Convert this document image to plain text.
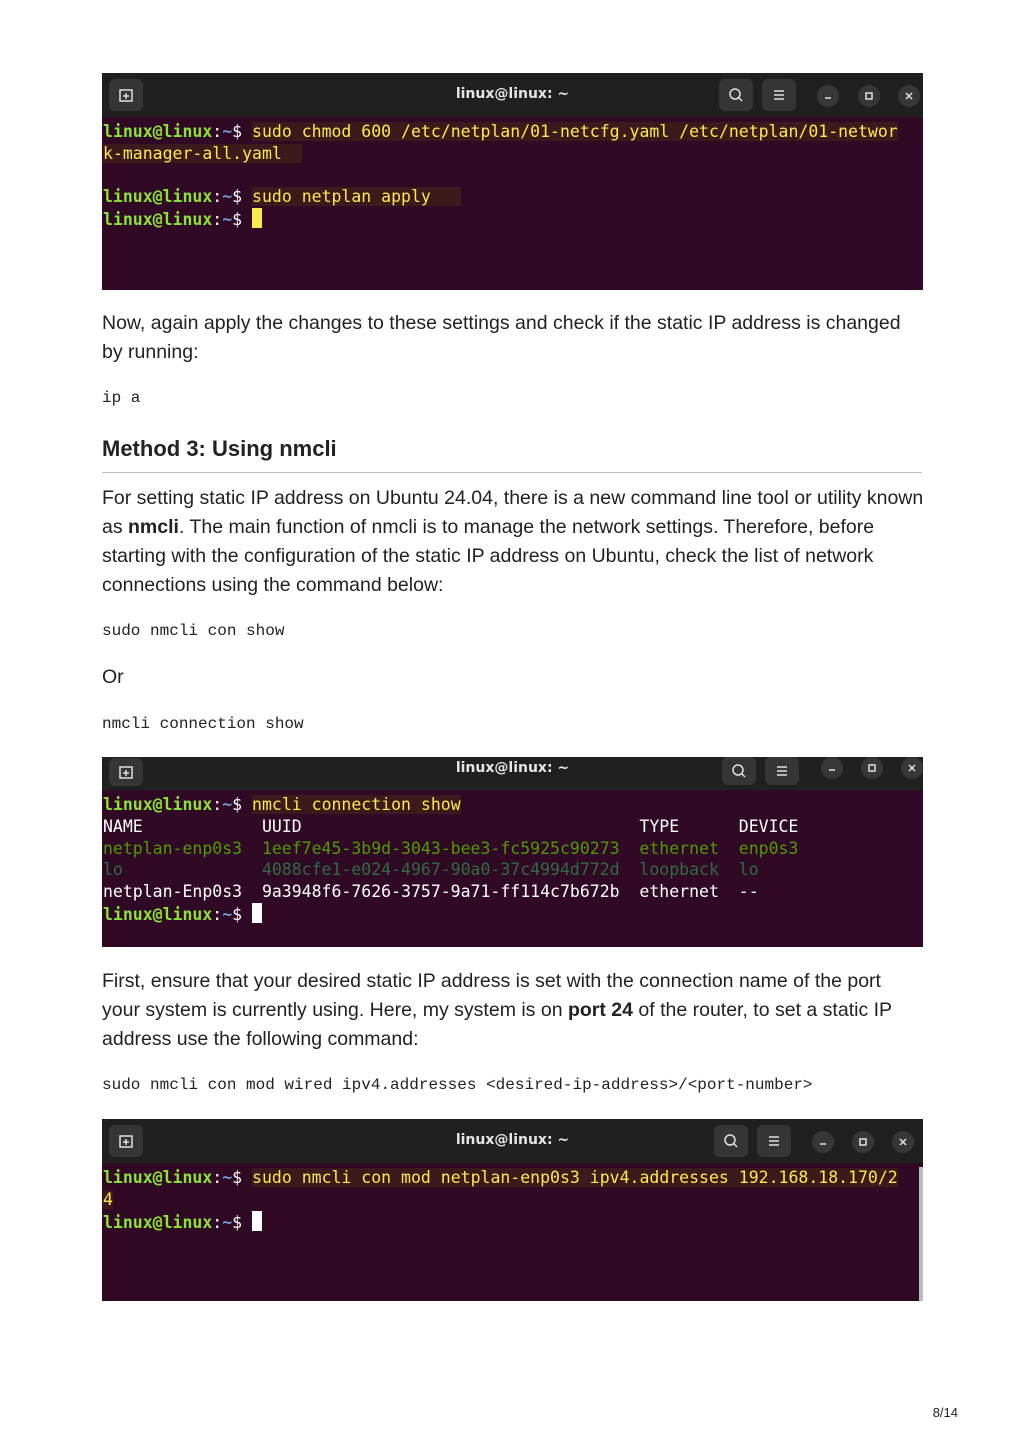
linux@linux: ~
linux@linux:~$ sudo chmod 600 /etc/netplan/01-netcfg.yaml /etc/netplan/01-networ
k-manager-all.yaml
linux@linux:~$ sudo netplan apply
linux@linux:~$

Now, again apply the changes to these settings and check if the static IP address is changed by running:

ip a
Method 3: Using nmcli

For setting static IP address on Ubuntu 24.04, there is a new command line tool or utility known as nmcli. The main function of nmcli is to manage the network settings. Therefore, before starting with the configuration of the static IP address on Ubuntu, check the list of network connections using the command below:

sudo nmcli con show

Or

nmcli connection show
linux@linux: ~
linux@linux:~$ nmcli connection show
NAME            UUID                                  TYPE      DEVICE
netplan-enp0s3  1eef7e45-3b9d-3043-bee3-fc5925c90273  ethernet  enp0s3
lo              4088cfe1-e024-4967-90a0-37c4994d772d  loopback  lo
netplan-Enp0s3  9a3948f6-7626-3757-9a71-ff114c7b672b  ethernet  --
linux@linux:~$

First, ensure that your desired static IP address is set with the connection name of the port your system is currently using. Here, my system is on port 24 of the router, to set a static IP address use the following command:

sudo nmcli con mod wired ipv4.addresses <desired-ip-address>/<port-number>
linux@linux: ~
linux@linux:~$ sudo nmcli con mod netplan-enp0s3 ipv4.addresses 192.168.18.170/2
4
linux@linux:~$
8/14
